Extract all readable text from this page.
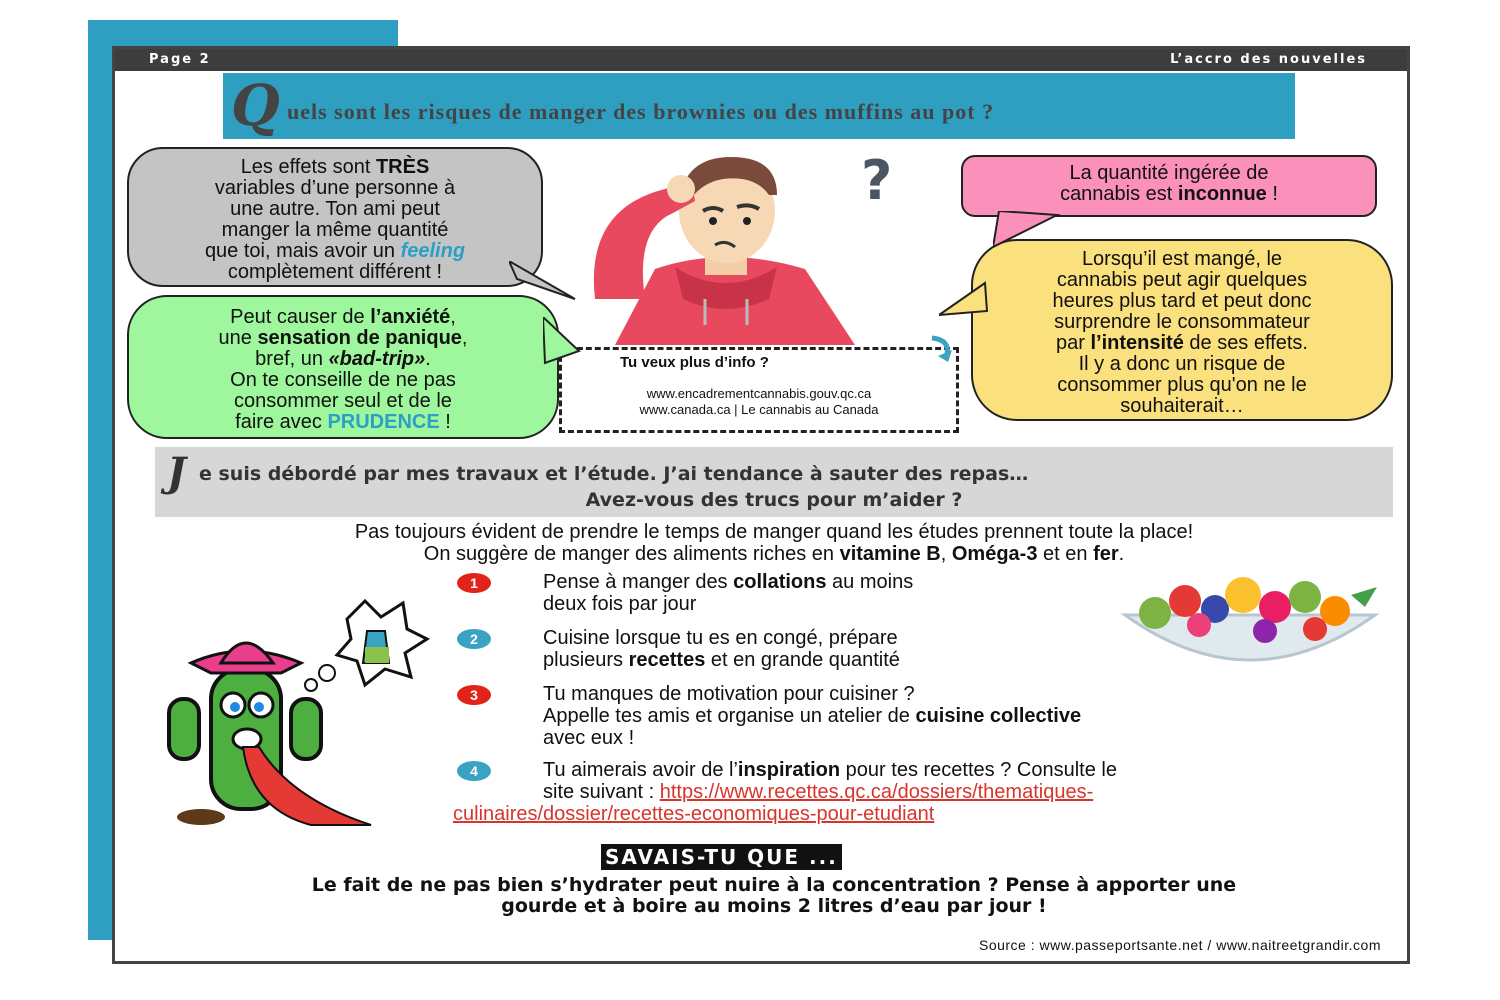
Page 2	L’accro des nouvelles
Q uels sont les risques de manger des brownies ou des muffins au pot ?
Les effets sont TRÈS
variables d’une personne à
une autre. Ton ami peut
manger la même quantité
que toi, mais avoir un feeling
complètement différent !
Peut causer de l’anxiété,
une sensation de panique,
bref, un «bad-trip».
On te conseille de ne pas
consommer seul et de le
faire avec PRUDENCE !
?	La quantité ingérée de
cannabis est inconnue !
Lorsqu’il est mangé, le
cannabis peut agir quelques
heures plus tard et peut donc
surprendre le consommateur
par l’intensité de ses effets.
Il y a donc un risque de
consommer plus qu'on ne le
souhaiterait…
Tu veux plus d’info ?
www.encadrementcannabis.gouv.qc.ca
www.canada.ca | Le cannabis au Canada
J e suis débordé par mes travaux et l’étude. J’ai tendance à sauter des repas…
Avez-vous des trucs pour m’aider ?
Pas toujours évident de prendre le temps de manger quand les études prennent toute la place!
On suggère de manger des aliments riches en vitamine B, Oméga-3 et en fer.
1	Pense à manger des collations au moins
deux fois par jour
2	Cuisine lorsque tu es en congé, prépare
plusieurs recettes et en grande quantité
3	Tu manques de motivation pour cuisiner ?
Appelle tes amis et organise un atelier de cuisine collective
avec eux !
4	Tu aimerais avoir de l’inspiration pour tes recettes ? Consulte le
site suivant : https://www.recettes.qc.ca/dossiers/thematiques-
culinaires/dossier/recettes-economiques-pour-etudiant
SAVAIS-TU QUE ...
Le fait de ne pas bien s’hydrater peut nuire à la concentration ? Pense à apporter une
gourde et à boire au moins 2 litres d’eau par jour !
Source : www.passeportsante.net / www.naitreetgrandir.com
